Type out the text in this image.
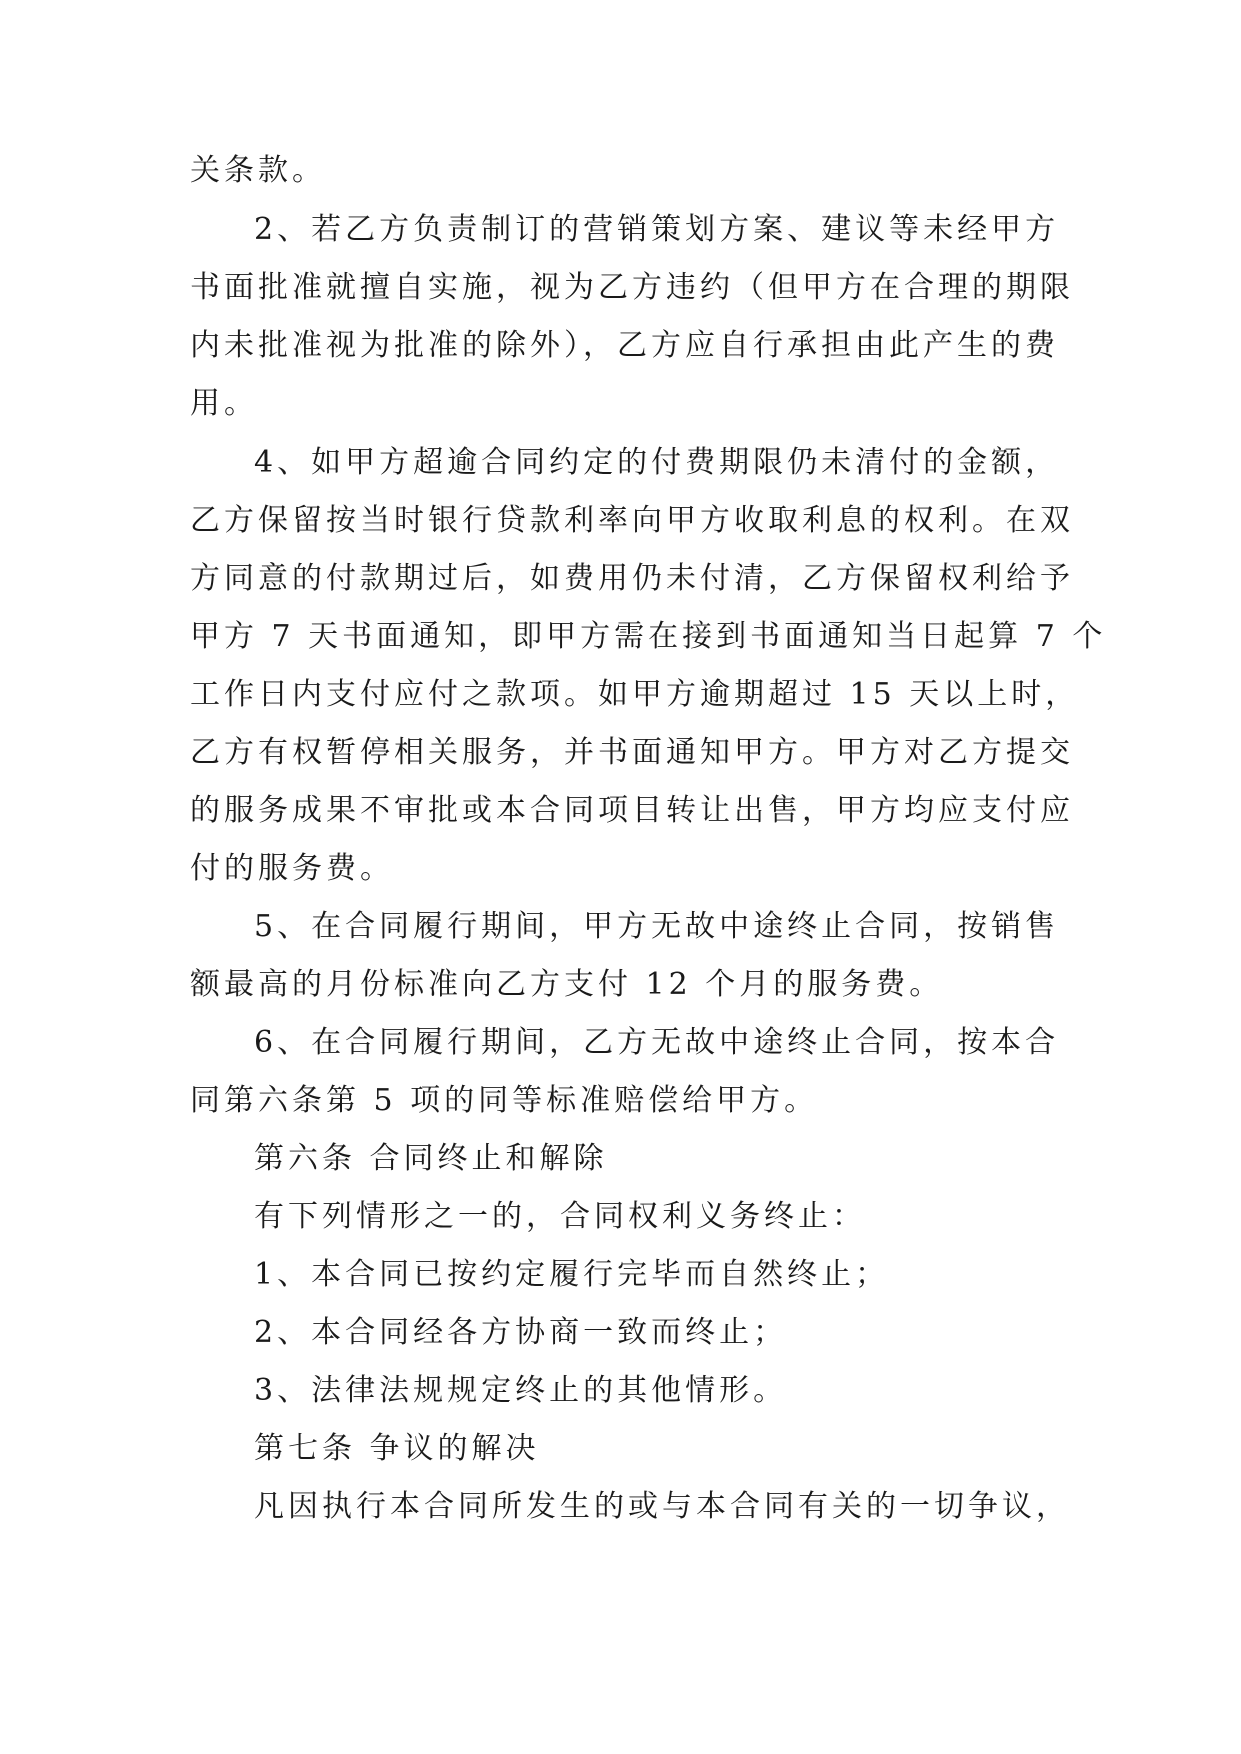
关条款。
2、若乙方负责制订的营销策划方案、建议等未经甲方
书面批准就擅自实施，视为乙方违约（但甲方在合理的期限
内未批准视为批准的除外），乙方应自行承担由此产生的费
用。
4、如甲方超逾合同约定的付费期限仍未清付的金额，
乙方保留按当时银行贷款利率向甲方收取利息的权利。在双
方同意的付款期过后，如费用仍未付清，乙方保留权利给予
甲方 7 天书面通知，即甲方需在接到书面通知当日起算 7 个
工作日内支付应付之款项。如甲方逾期超过 15 天以上时，
乙方有权暂停相关服务，并书面通知甲方。甲方对乙方提交
的服务成果不审批或本合同项目转让出售，甲方均应支付应
付的服务费。
5、在合同履行期间，甲方无故中途终止合同，按销售
额最高的月份标准向乙方支付 12 个月的服务费。
6、在合同履行期间，乙方无故中途终止合同，按本合
同第六条第 5 项的同等标准赔偿给甲方。
第六条 合同终止和解除
有下列情形之一的，合同权利义务终止：
1、本合同已按约定履行完毕而自然终止；
2、本合同经各方协商一致而终止；
3、法律法规规定终止的其他情形。
第七条 争议的解决
凡因执行本合同所发生的或与本合同有关的一切争议，
